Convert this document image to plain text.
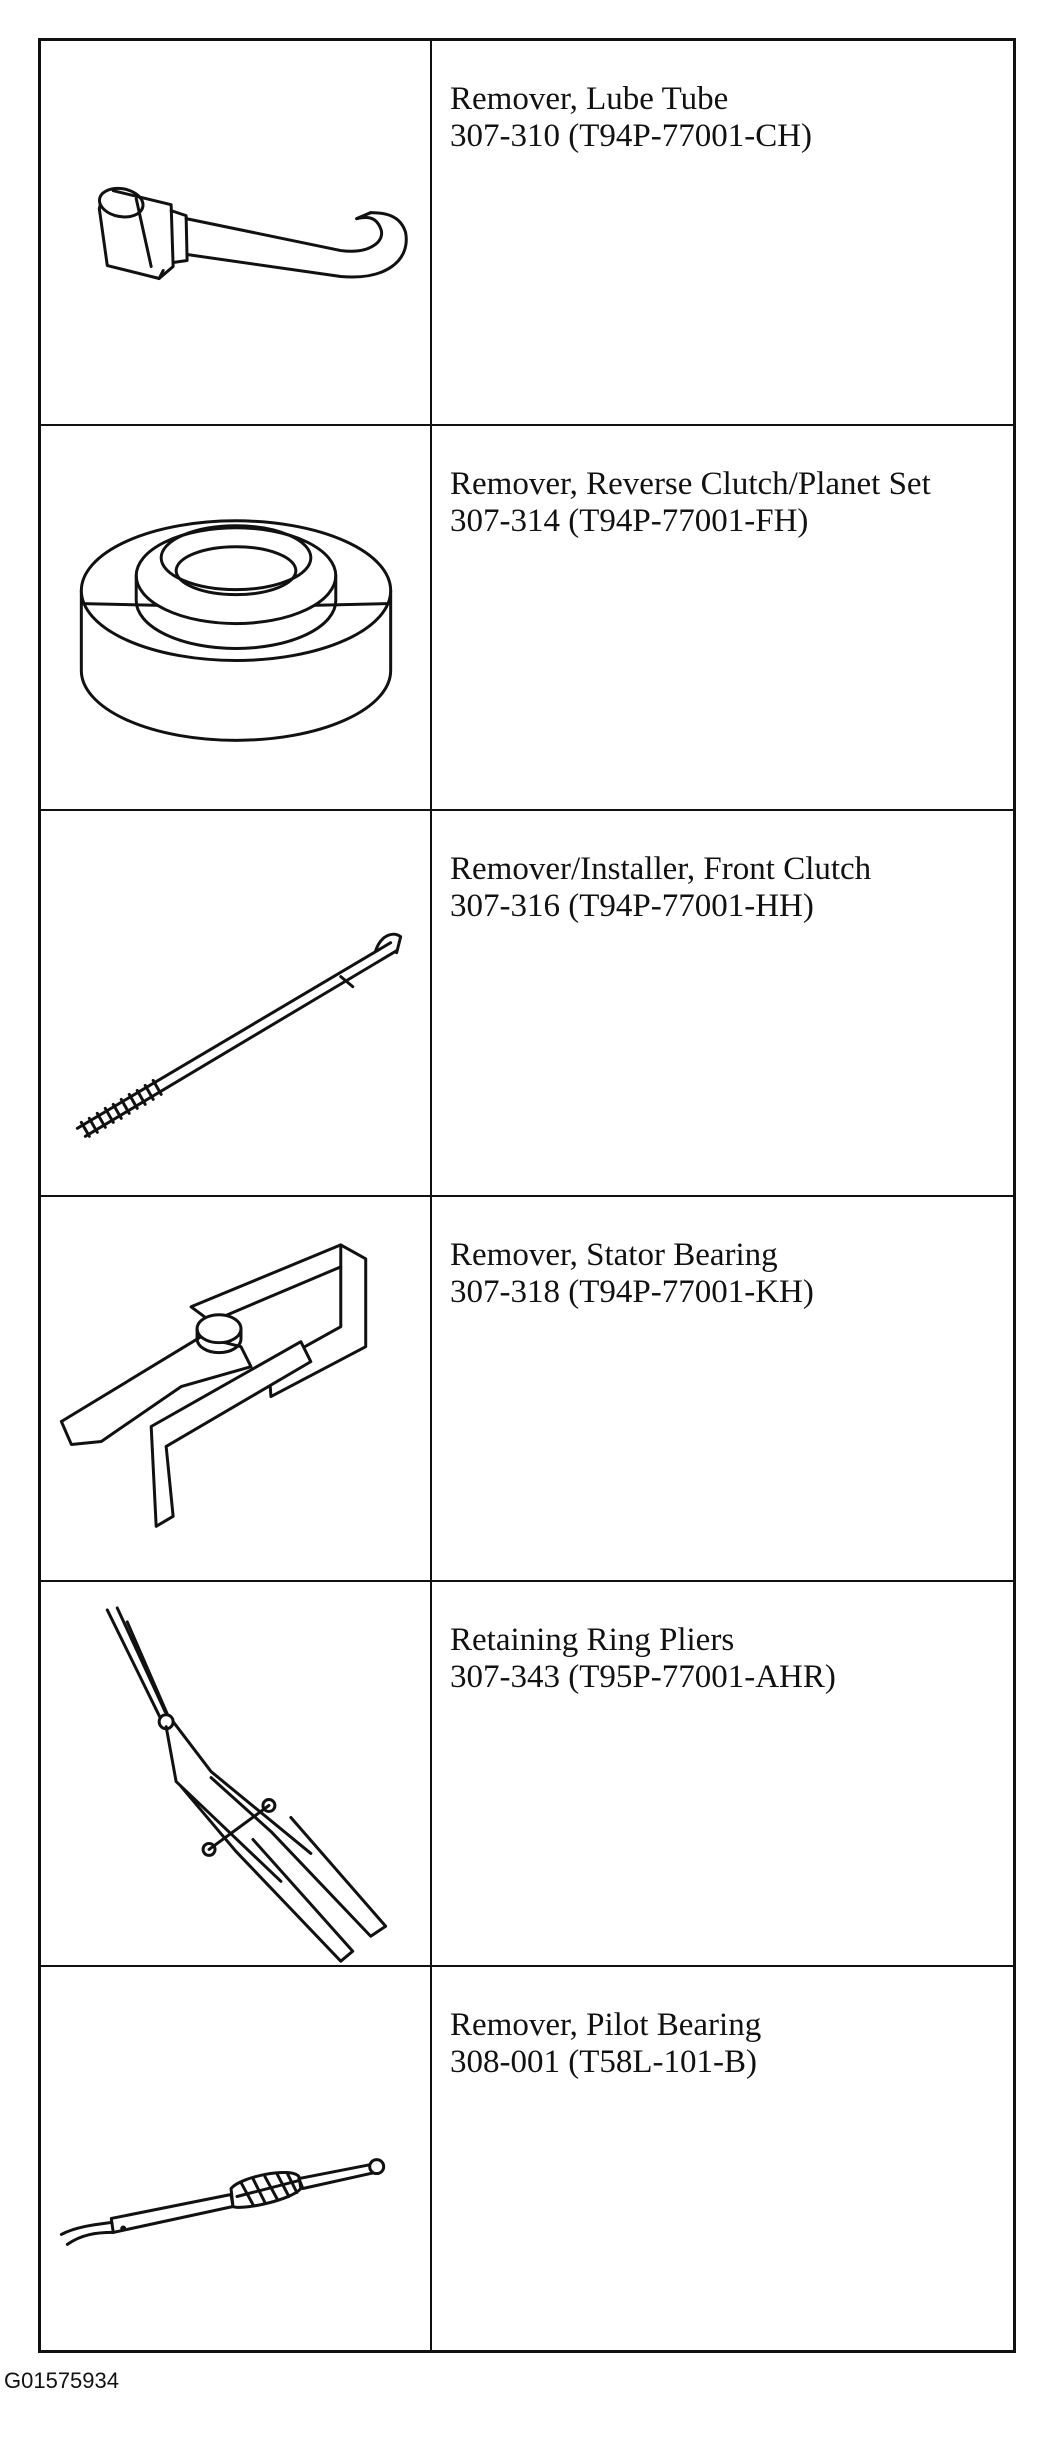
Remover, Lube Tube
307-310 (T94P-77001-CH)
Remover, Reverse Clutch/Planet Set
307-314 (T94P-77001-FH)
Remover/Installer, Front Clutch
307-316 (T94P-77001-HH)
Remover, Stator Bearing
307-318 (T94P-77001-KH)
Retaining Ring Pliers
307-343 (T95P-77001-AHR)
Remover, Pilot Bearing
308-001 (T58L-101-B)
G01575934
